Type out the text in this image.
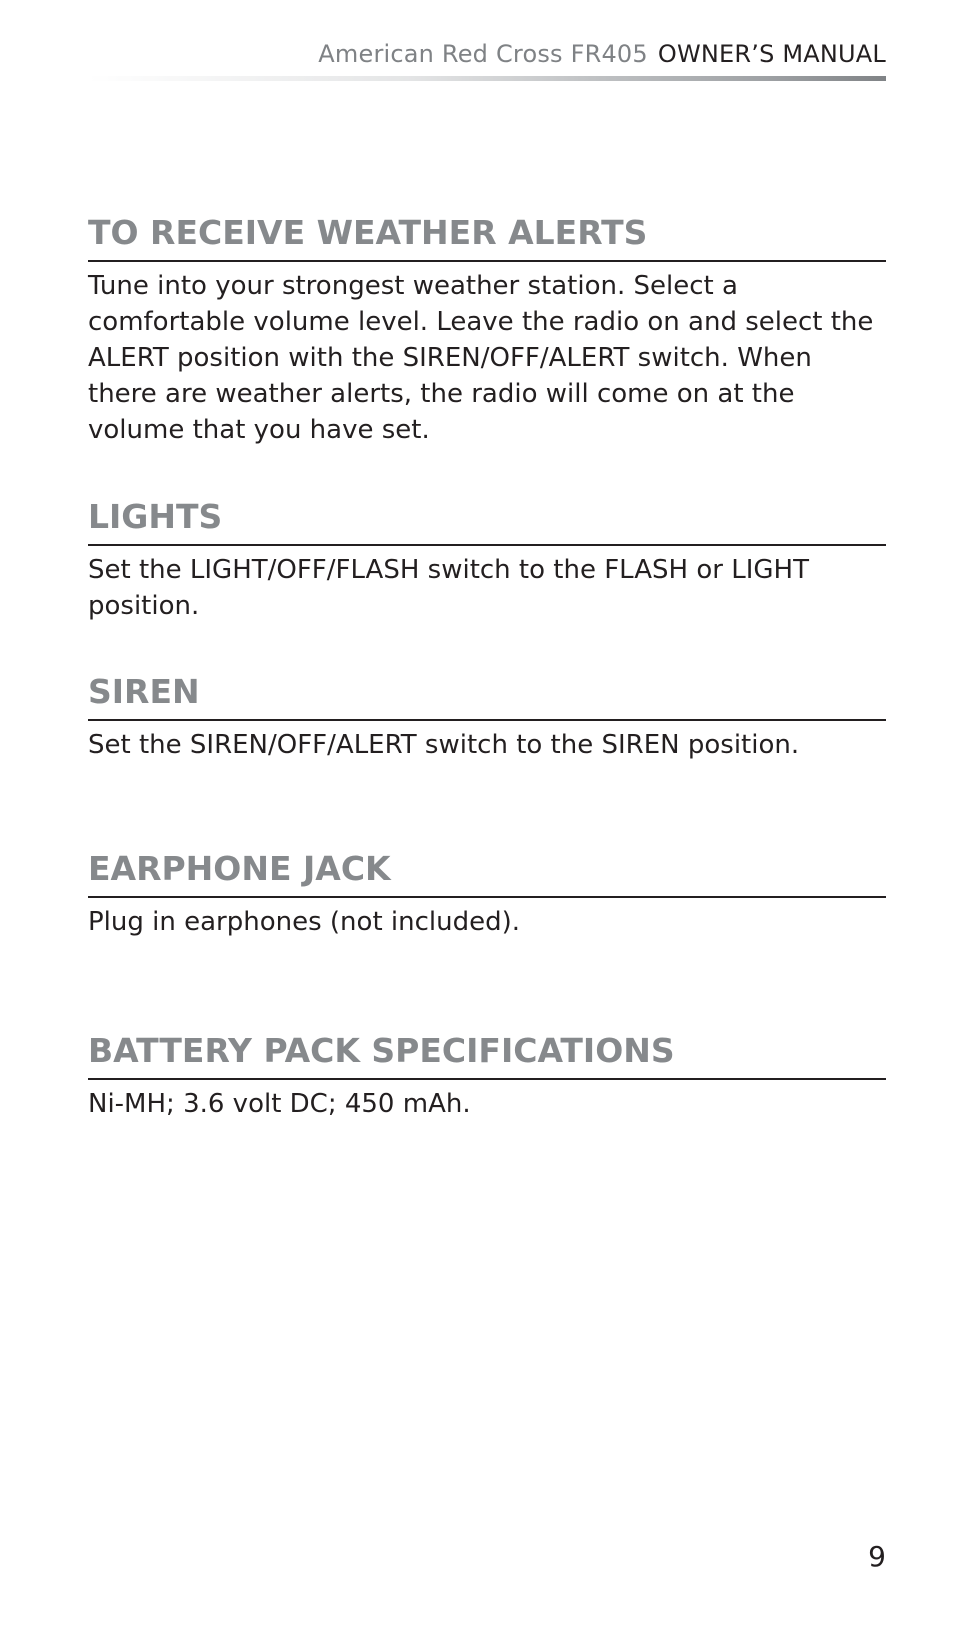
American Red Cross FR405 OWNER’S MANUAL
TO RECEIVE WEATHER ALERTS

Tune into your strongest weather station. Select a comfortable volume level. Leave the radio on and select the ALERT position with the SIREN/OFF/ALERT switch. When there are weather alerts, the radio will come on at the volume that you have set.

LIGHTS

Set the LIGHT/OFF/FLASH switch to the FLASH or LIGHT position.

SIREN

Set the SIREN/OFF/ALERT switch to the SIREN position.

EARPHONE JACK

Plug in earphones (not included).

BATTERY PACK SPECIFICATIONS

Ni-MH; 3.6 volt DC; 450 mAh.

9
